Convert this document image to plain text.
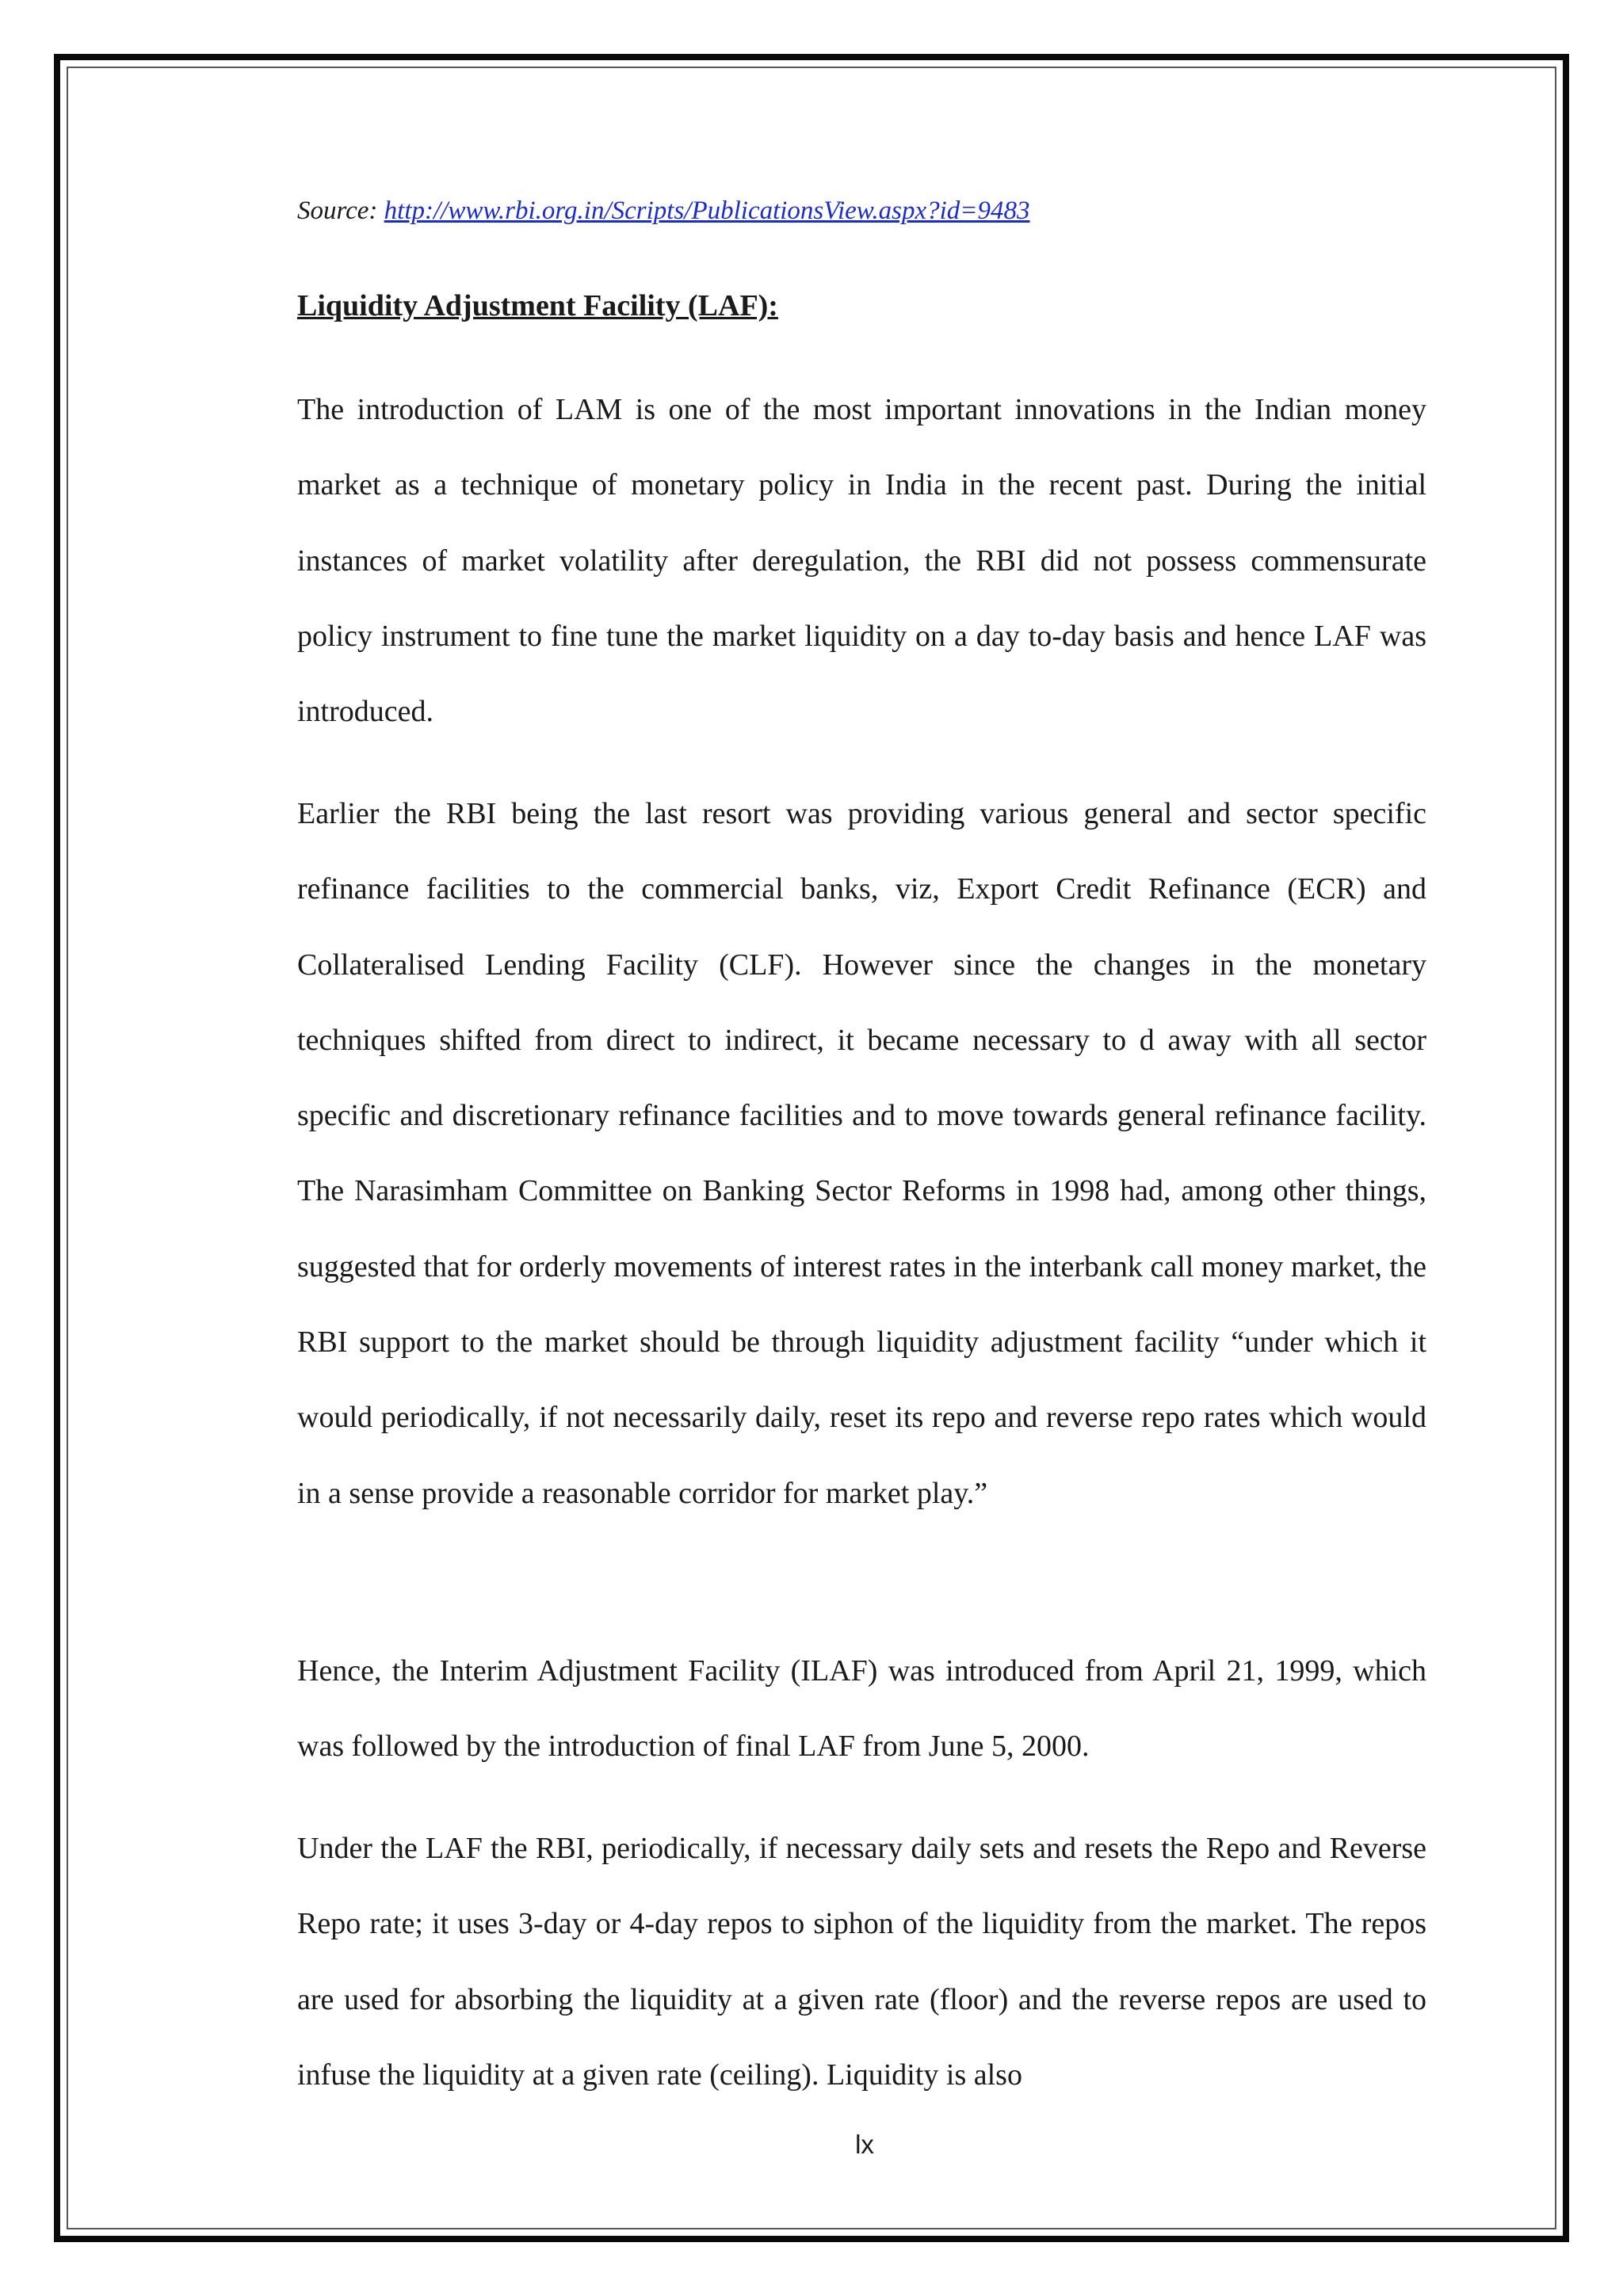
Source: http://www.rbi.org.in/Scripts/PublicationsView.aspx?id=9483
Liquidity Adjustment Facility (LAF):

The introduction of LAM is one of the most important innovations in the Indian money market as a technique of monetary policy in India in the recent past. During the initial instances of market volatility after deregulation, the RBI did not possess commensurate policy instrument to fine tune the market liquidity on a day to-day basis and hence LAF was introduced.

Earlier the RBI being the last resort was providing various general and sector specific refinance facilities to the commercial banks, viz, Export Credit Refinance (ECR) and Collateralised Lending Facility (CLF). However since the changes in the monetary techniques shifted from direct to indirect, it became necessary to d away with all sector specific and discretionary refinance facilities and to move towards general refinance facility. The Narasimham Committee on Banking Sector Reforms in 1998 had, among other things, suggested that for orderly movements of interest rates in the interbank call money market, the RBI support to the market should be through liquidity adjustment facility “under which it would periodically, if not necessarily daily, reset its repo and reverse repo rates which would in a sense provide a reasonable corridor for market play.”

Hence, the Interim Adjustment Facility (ILAF) was introduced from April 21, 1999, which was followed by the introduction of final LAF from June 5, 2000.

Under the LAF the RBI, periodically, if necessary daily sets and resets the Repo and Reverse Repo rate; it uses 3-day or 4-day repos to siphon of the liquidity from the market. The repos are used for absorbing the liquidity at a given rate (floor) and the reverse repos are used to infuse the liquidity at a given rate (ceiling). Liquidity is also

lx
